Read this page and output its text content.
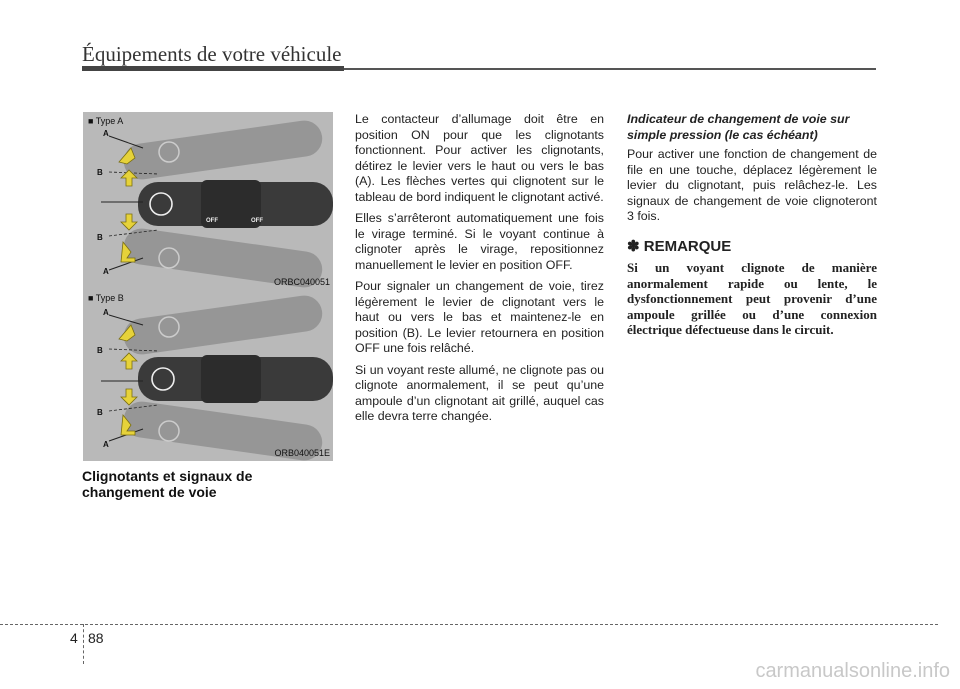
Équipements de votre véhicule
OFF	OFF
A
B
B
A
■ Type A
ORBC040051
A
B
B
A
■ Type B
ORB040051E
Clignotants et signaux de changement de voie

Le contacteur d’allumage doit être en position ON pour que les clignotants fonctionnent. Pour activer les clignotants, détirez le levier vers le haut ou vers le bas (A). Les flèches vertes qui clignotent sur le tableau de bord indiquent le clignotant activé.

Elles s’arrêteront automatiquement une fois le virage terminé. Si le voyant continue à clignoter après le virage, repositionnez manuellement le levier en position OFF.

Pour signaler un changement de voie, tirez légèrement le levier de clignotant vers le haut ou vers le bas et maintenez-le en position (B). Le levier retournera en position OFF une fois relâché.

Si un voyant reste allumé, ne clignote pas ou clignote anormalement, il se peut qu’une ampoule d’un clignotant ait grillé, auquel cas elle devra terre changée.

Indicateur de changement de voie sur simple pression (le cas échéant)

Pour activer une fonction de changement de file en une touche, déplacez légèrement le levier du clignotant, puis relâchez-le. Les signaux de changement de voie clignoteront 3 fois.

✽ REMARQUE
Si un voyant clignote de manière anormalement rapide ou lente, le dysfonctionnement peut provenir d’une ampoule grillée ou d’une connexion électrique défectueuse dans le circuit.
4 88
carmanualsonline.info
